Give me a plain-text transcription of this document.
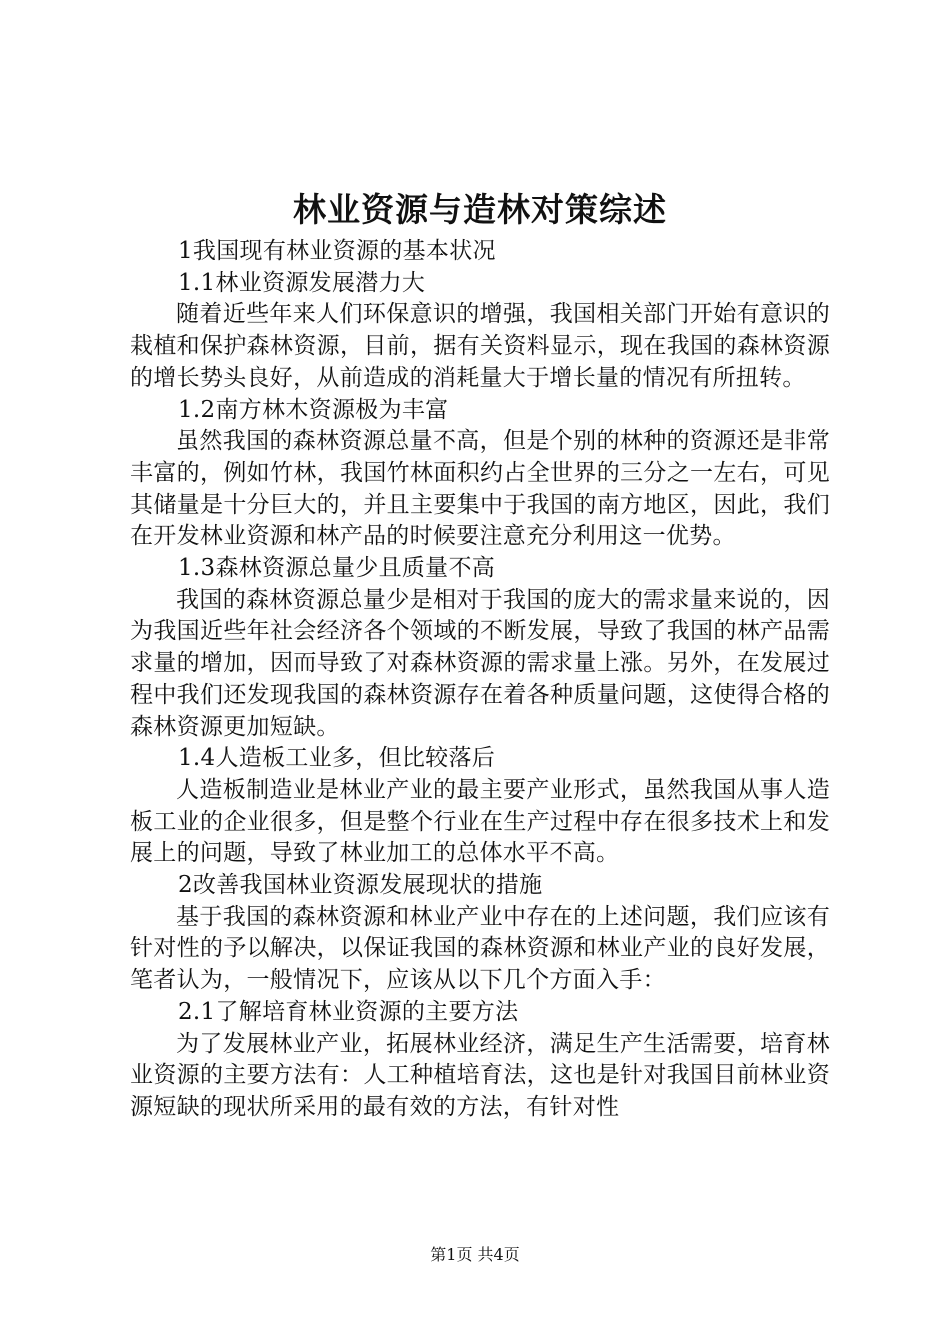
林业资源与造林对策综述

1我国现有林业资源的基本状况

1.1林业资源发展潜力大

随着近些年来人们环保意识的增强，我国相关部门开始有意识的栽植和保护森林资源，目前，据有关资料显示，现在我国的森林资源的增长势头良好，从前造成的消耗量大于增长量的情况有所扭转。

1.2南方林木资源极为丰富

虽然我国的森林资源总量不高，但是个别的林种的资源还是非常丰富的，例如竹林，我国竹林面积约占全世界的三分之一左右，可见其储量是十分巨大的，并且主要集中于我国的南方地区，因此，我们在开发林业资源和林产品的时候要注意充分利用这一优势。

1.3森林资源总量少且质量不高

我国的森林资源总量少是相对于我国的庞大的需求量来说的，因为我国近些年社会经济各个领域的不断发展，导致了我国的林产品需求量的增加，因而导致了对森林资源的需求量上涨。另外，在发展过程中我们还发现我国的森林资源存在着各种质量问题，这使得合格的森林资源更加短缺。

1.4人造板工业多，但比较落后

人造板制造业是林业产业的最主要产业形式，虽然我国从事人造板工业的企业很多，但是整个行业在生产过程中存在很多技术上和发展上的问题，导致了林业加工的总体水平不高。

2改善我国林业资源发展现状的措施

基于我国的森林资源和林业产业中存在的上述问题，我们应该有针对性的予以解决，以保证我国的森林资源和林业产业的良好发展，笔者认为，一般情况下，应该从以下几个方面入手：

2.1了解培育林业资源的主要方法

为了发展林业产业，拓展林业经济，满足生产生活需要，培育林业资源的主要方法有：人工种植培育法，这也是针对我国目前林业资源短缺的现状所采用的最有效的方法，有针对性

第1页 共4页
